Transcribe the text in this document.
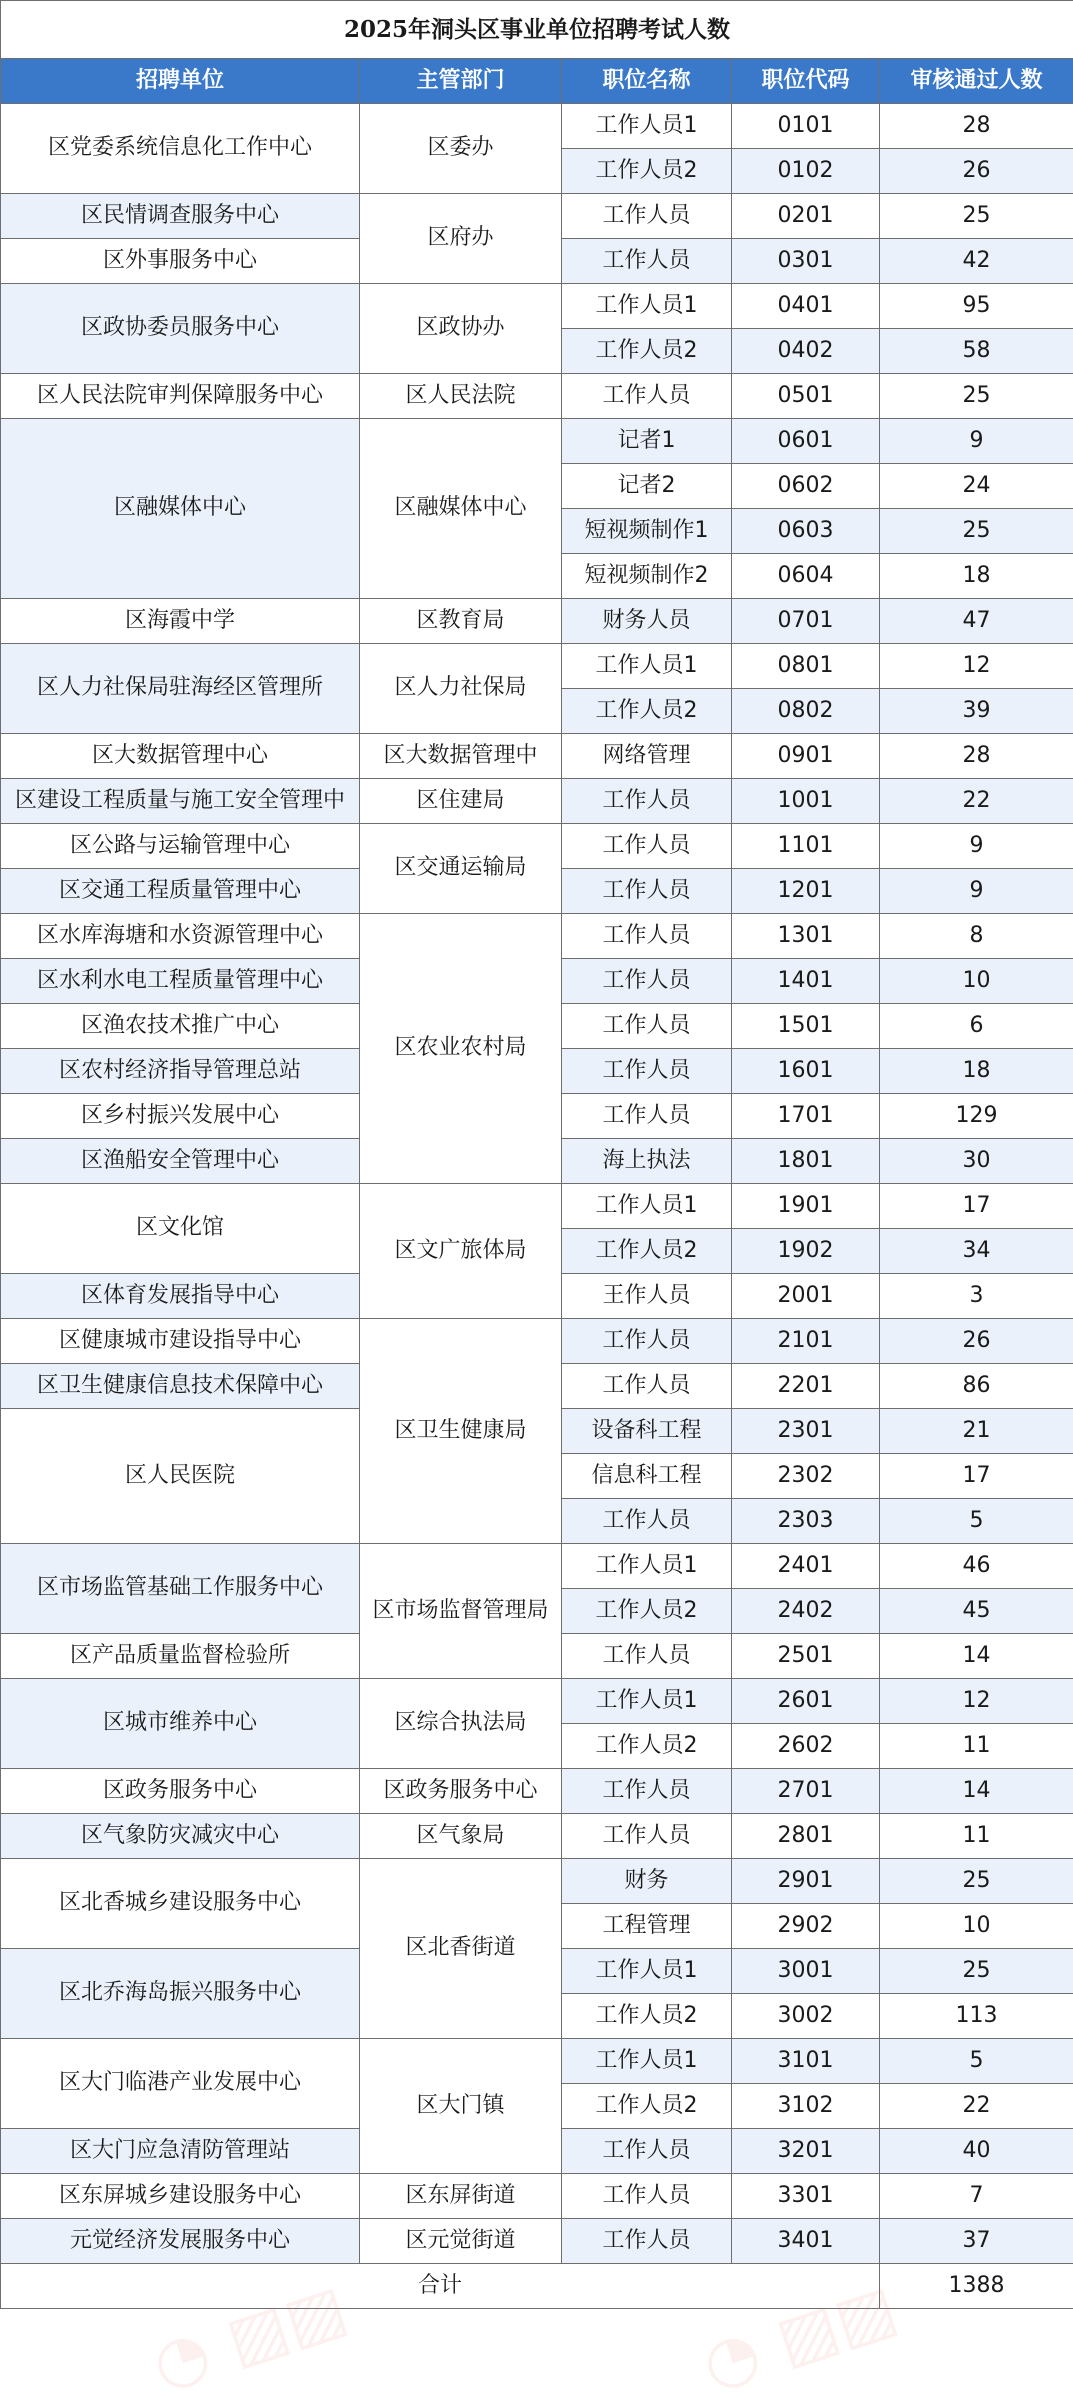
2025年洞头区事业单位招聘考试人数				
招聘单位	主管部门	职位名称	职位代码	审核通过人数
区党委系统信息化工作中心	区委办	工作人员1	0101	28
		工作人员2	0102	26
区民情调查服务中心	区府办	工作人员	0201	25
区外事服务中心		工作人员	0301	42
区政协委员服务中心	区政协办	工作人员1	0401	95
		工作人员2	0402	58
区人民法院审判保障服务中心	区人民法院	工作人员	0501	25
区融媒体中心	区融媒体中心	记者1	0601	9
		记者2	0602	24
		短视频制作1	0603	25
		短视频制作2	0604	18
区海霞中学	区教育局	财务人员	0701	47
区人力社保局驻海经区管理所	区人力社保局	工作人员1	0801	12
		工作人员2	0802	39
区大数据管理中心	区大数据管理中	网络管理	0901	28
区建设工程质量与施工安全管理中	区住建局	工作人员	1001	22
区公路与运输管理中心	区交通运输局	工作人员	1101	9
区交通工程质量管理中心		工作人员	1201	9
区水库海塘和水资源管理中心	区农业农村局	工作人员	1301	8
区水利水电工程质量管理中心		工作人员	1401	10
区渔农技术推广中心		工作人员	1501	6
区农村经济指导管理总站		工作人员	1601	18
区乡村振兴发展中心		工作人员	1701	129
区渔船安全管理中心		海上执法	1801	30
区文化馆	区文广旅体局	工作人员1	1901	17
		工作人员2	1902	34
区体育发展指导中心		王作人员	2001	3
区健康城市建设指导中心	区卫生健康局	工作人员	2101	26
区卫生健康信息技术保障中心		工作人员	2201	86
区人民医院		设备科工程	2301	21
		信息科工程	2302	17
		工作人员	2303	5
区市场监管基础工作服务中心	区市场监督管理局	工作人员1	2401	46
		工作人员2	2402	45
区产品质量监督检验所		工作人员	2501	14
区城市维养中心	区综合执法局	工作人员1	2601	12
		工作人员2	2602	11
区政务服务中心	区政务服务中心	工作人员	2701	14
区气象防灾减灾中心	区气象局	工作人员	2801	11
区北香城乡建设服务中心	区北香街道	财务	2901	25
		工程管理	2902	10
区北乔海岛振兴服务中心		工作人员1	3001	25
		工作人员2	3002	113
区大门临港产业发展中心	区大门镇	工作人员1	3101	5
		工作人员2	3102	22
区大门应急清防管理站		工作人员	3201	40
区东屏城乡建设服务中心	区东屏街道	工作人员	3301	7
元觉经济发展服务中心	区元觉街道	工作人员	3401	37
合计				1388
◔ ▨▨	◔ ▨▨
